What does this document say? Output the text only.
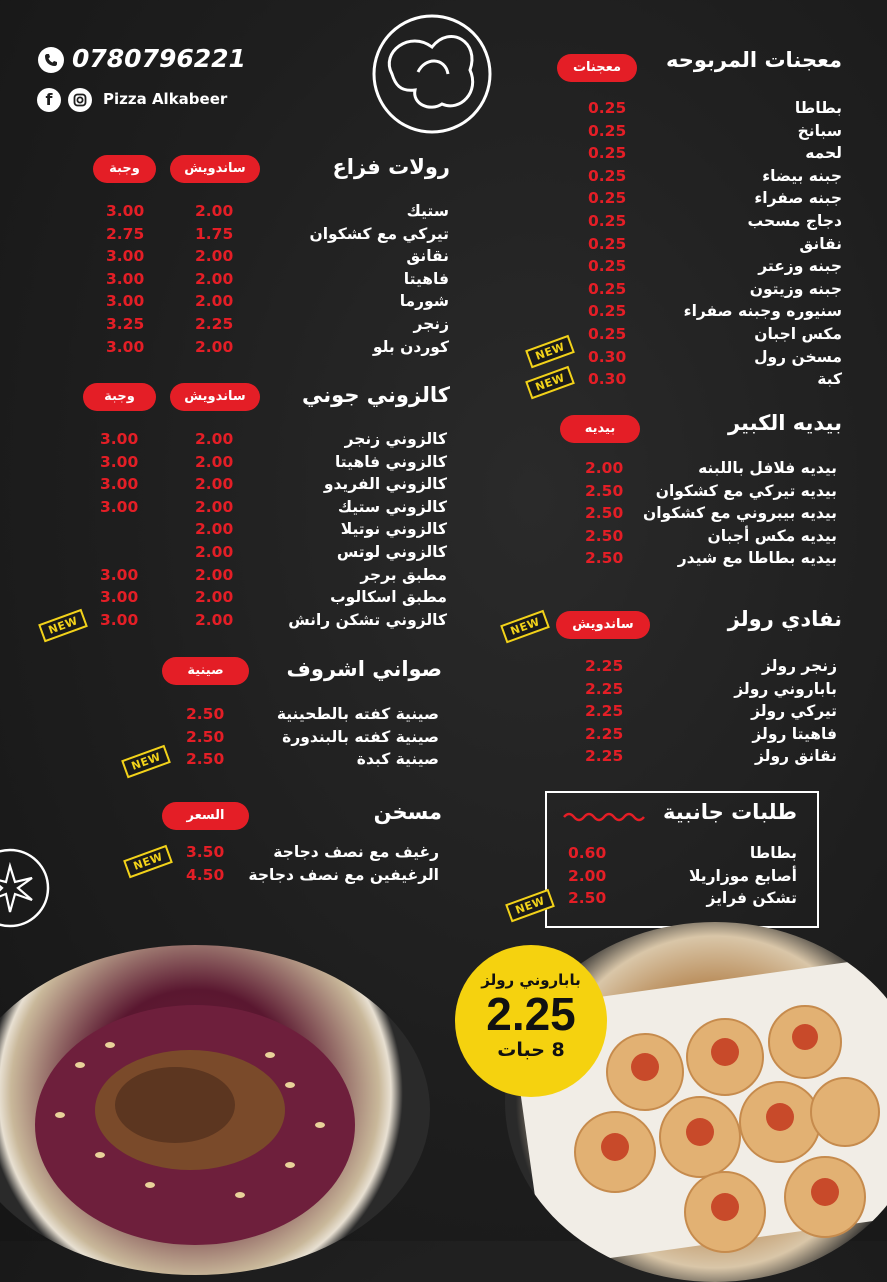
0780796221
f	Pizza Alkabeer
معجنات المربوحه
معجنات
بطاطا
0.25
سبانخ
0.25
لحمه
0.25
جبنه بيضاء
0.25
جبنه صفراء
0.25
دجاج مسحب
0.25
نقانق
0.25
جبنه وزعتر
0.25
جبنه وزيتون
0.25
سنيوره وجبنه صفراء
0.25
مكس اجبان
0.25
مسخن رول
0.30
كبة
0.30
بيديه الكبير
بيديه
بيديه فلافل باللبنه
2.00
بيديه تيركي مع كشكوان
2.50
بيديه بيبروني مع كشكوان
2.50
بيديه مكس أجبان
2.50
بيديه بطاطا مع شيدر
2.50
نفادي رولز
ساندويش
زنجر رولز
2.25
باباروني رولز
2.25
تيركي رولز
2.25
فاهيتا رولز
2.25
نقانق رولز
2.25
طلبات جانبية
بطاطا
0.60
أصابع موزاريلا
2.00
تشكن فرايز
2.50
رولات فزاع
ساندويش
وجبة
ستيك
2.00
3.00
تيركي مع كشكوان
1.75
2.75
نقانق
2.00
3.00
فاهيتا
2.00
3.00
شورما
2.00
3.00
زنجر
2.25
3.25
كوردن بلو
2.00
3.00
كالزوني جوني
ساندويش
وجبة
كالزوني زنجر
2.00
3.00
كالزوني فاهيتا
2.00
3.00
كالزوني الفريدو
2.00
3.00
كالزوني ستيك
2.00
3.00
كالزوني نوتيلا
2.00
كالزوني لوتس
2.00
مطبق برجر
2.00
3.00
مطبق اسكالوب
2.00
3.00
كالزوني تشكن رانش
2.00
3.00
صواني اشروف
صينية
صينية كفته بالطحينية
2.50
صينية كفته بالبندورة
2.50
صينية كبدة
2.50
مسخن
السعر
رغيف مع نصف دجاجة
3.50
الرغيفين مع نصف دجاجة
4.50
باباروني رولز
2.25
8 حبات
NEW
NEW
NEW
NEW
NEW
NEW
NEW
